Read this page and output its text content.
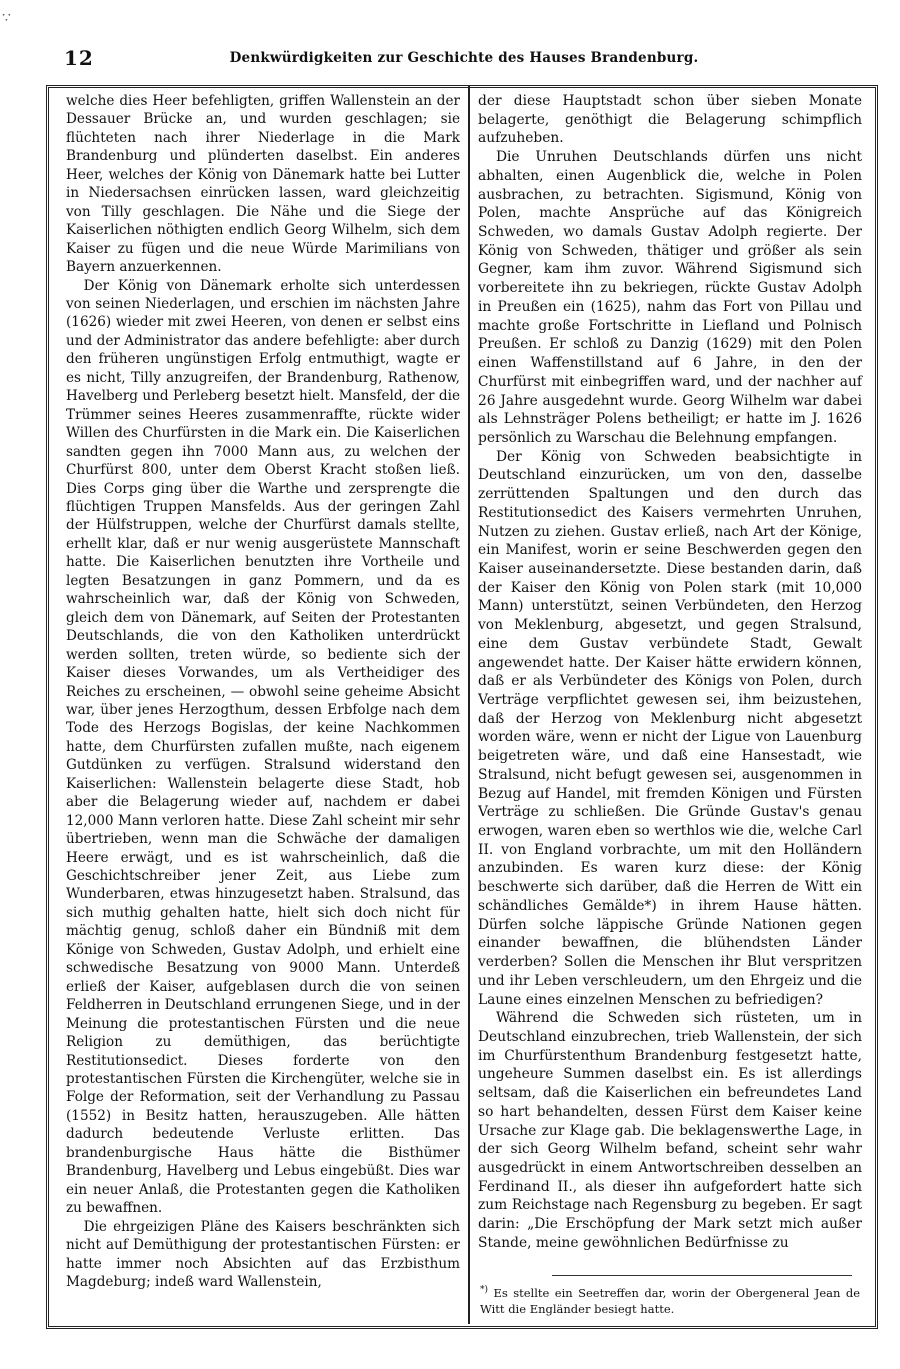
∵
12	Denkwürdigkeiten zur Geschichte des Hauses Brandenburg.

welche dies Heer befehligten, griffen Wallenstein an der Dessauer Brücke an, und wurden geschlagen; sie flüchteten nach ihrer Niederlage in die Mark Brandenburg und plünderten daselbst. Ein anderes Heer, welches der König von Dänemark hatte bei Lutter in Niedersachsen einrücken lassen, ward gleichzeitig von Tilly geschlagen. Die Nähe und die Siege der Kaiserlichen nöthigten endlich Georg Wilhelm, sich dem Kaiser zu fügen und die neue Würde Marimilians von Bayern anzuerkennen.

Der König von Dänemark erholte sich unterdessen von seinen Niederlagen, und erschien im nächsten Jahre (1626) wieder mit zwei Heeren, von denen er selbst eins und der Administrator das andere befehligte: aber durch den früheren ungünstigen Erfolg entmuthigt, wagte er es nicht, Tilly anzugreifen, der Brandenburg, Rathenow, Havelberg und Perleberg besetzt hielt. Mansfeld, der die Trümmer seines Heeres zusammenraffte, rückte wider Willen des Churfürsten in die Mark ein. Die Kaiserlichen sandten gegen ihn 7000 Mann aus, zu welchen der Churfürst 800, unter dem Oberst Kracht stoßen ließ. Dies Corps ging über die Warthe und zersprengte die flüchtigen Truppen Mansfelds. Aus der geringen Zahl der Hülfstruppen, welche der Churfürst damals stellte, erhellt klar, daß er nur wenig ausgerüstete Mannschaft hatte. Die Kaiserlichen benutzten ihre Vortheile und legten Besatzungen in ganz Pommern, und da es wahrscheinlich war, daß der König von Schweden, gleich dem von Dänemark, auf Seiten der Protestanten Deutschlands, die von den Katholiken unterdrückt werden sollten, treten würde, so bediente sich der Kaiser dieses Vorwandes, um als Vertheidiger des Reiches zu erscheinen, — obwohl seine geheime Absicht war, über jenes Herzogthum, dessen Erbfolge nach dem Tode des Herzogs Bogislas, der keine Nachkommen hatte, dem Churfürsten zufallen mußte, nach eigenem Gutdünken zu verfügen. Stralsund widerstand den Kaiserlichen: Wallenstein belagerte diese Stadt, hob aber die Belagerung wieder auf, nachdem er dabei 12,000 Mann verloren hatte. Diese Zahl scheint mir sehr übertrieben, wenn man die Schwäche der damaligen Heere erwägt, und es ist wahrscheinlich, daß die Geschichtschreiber jener Zeit, aus Liebe zum Wunderbaren, etwas hinzugesetzt haben. Stralsund, das sich muthig gehalten hatte, hielt sich doch nicht für mächtig genug, schloß daher ein Bündniß mit dem Könige von Schweden, Gustav Adolph, und erhielt eine schwedische Besatzung von 9000 Mann. Unterdeß erließ der Kaiser, aufgeblasen durch die von seinen Feldherren in Deutschland errungenen Siege, und in der Meinung die protestantischen Fürsten und die neue Religion zu demüthigen, das berüchtigte Restitutionsedict. Dieses forderte von den protestantischen Fürsten die Kirchengüter, welche sie in Folge der Reformation, seit der Verhandlung zu Passau (1552) in Besitz hatten, herauszugeben. Alle hätten dadurch bedeutende Verluste erlitten. Das brandenburgische Haus hätte die Bisthümer Brandenburg, Havelberg und Lebus eingebüßt. Dies war ein neuer Anlaß, die Protestanten gegen die Katholiken zu bewaffnen.

Die ehrgeizigen Pläne des Kaisers beschränkten sich nicht auf Demüthigung der protestantischen Fürsten: er hatte immer noch Absichten auf das Erzbisthum Magdeburg; indeß ward Wallenstein,

der diese Hauptstadt schon über sieben Monate belagerte, genöthigt die Belagerung schimpflich aufzuheben.

Die Unruhen Deutschlands dürfen uns nicht abhalten, einen Augenblick die, welche in Polen ausbrachen, zu betrachten. Sigismund, König von Polen, machte Ansprüche auf das Königreich Schweden, wo damals Gustav Adolph regierte. Der König von Schweden, thätiger und größer als sein Gegner, kam ihm zuvor. Während Sigismund sich vorbereitete ihn zu bekriegen, rückte Gustav Adolph in Preußen ein (1625), nahm das Fort von Pillau und machte große Fortschritte in Liefland und Polnisch Preußen. Er schloß zu Danzig (1629) mit den Polen einen Waffenstillstand auf 6 Jahre, in den der Churfürst mit einbegriffen ward, und der nachher auf 26 Jahre ausgedehnt wurde. Georg Wilhelm war dabei als Lehnsträger Polens betheiligt; er hatte im J. 1626 persönlich zu Warschau die Belehnung empfangen.

Der König von Schweden beabsichtigte in Deutschland einzurücken, um von den, dasselbe zerrüttenden Spaltungen und den durch das Restitutionsedict des Kaisers vermehrten Unruhen, Nutzen zu ziehen. Gustav erließ, nach Art der Könige, ein Manifest, worin er seine Beschwerden gegen den Kaiser auseinandersetzte. Diese bestanden darin, daß der Kaiser den König von Polen stark (mit 10,000 Mann) unterstützt, seinen Verbündeten, den Herzog von Meklenburg, abgesetzt, und gegen Stralsund, eine dem Gustav verbündete Stadt, Gewalt angewendet hatte. Der Kaiser hätte erwidern können, daß er als Verbündeter des Königs von Polen, durch Verträge verpflichtet gewesen sei, ihm beizustehen, daß der Herzog von Meklenburg nicht abgesetzt worden wäre, wenn er nicht der Ligue von Lauenburg beigetreten wäre, und daß eine Hansestadt, wie Stralsund, nicht befugt gewesen sei, ausgenommen in Bezug auf Handel, mit fremden Königen und Fürsten Verträge zu schließen. Die Gründe Gustav's genau erwogen, waren eben so werthlos wie die, welche Carl II. von England vorbrachte, um mit den Holländern anzubinden. Es waren kurz diese: der König beschwerte sich darüber, daß die Herren de Witt ein schändliches Gemälde*) in ihrem Hause hätten. Dürfen solche läppische Gründe Nationen gegen einander bewaffnen, die blühendsten Länder verderben? Sollen die Menschen ihr Blut verspritzen und ihr Leben verschleudern, um den Ehrgeiz und die Laune eines einzelnen Menschen zu befriedigen?

Während die Schweden sich rüsteten, um in Deutschland einzubrechen, trieb Wallenstein, der sich im Churfürstenthum Brandenburg festgesetzt hatte, ungeheure Summen daselbst ein. Es ist allerdings seltsam, daß die Kaiserlichen ein befreundetes Land so hart behandelten, dessen Fürst dem Kaiser keine Ursache zur Klage gab. Die beklagenswerthe Lage, in der sich Georg Wilhelm befand, scheint sehr wahr ausgedrückt in einem Antwortschreiben desselben an Ferdinand II., als dieser ihn aufgefordert hatte sich zum Reichstage nach Regensburg zu begeben. Er sagt darin: „Die Erschöpfung der Mark setzt mich außer Stande, meine gewöhnlichen Bedürfnisse zu

*) Es stellte ein Seetreffen dar, worin der Obergeneral Jean de Witt die Engländer besiegt hatte.
